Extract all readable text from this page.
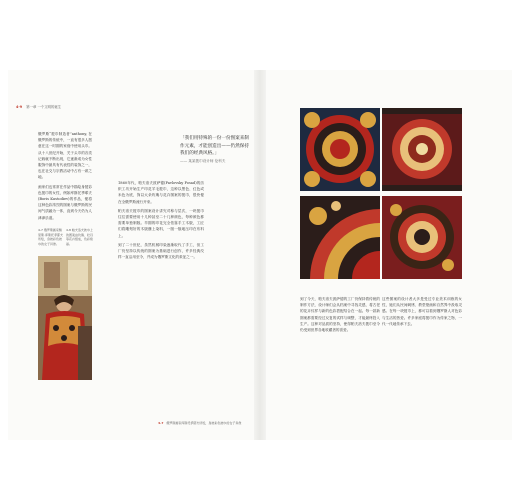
4-9 第一章 一个文明的诞生

俄罗斯“披巾制造者”anthony, 在俄罗斯的传统中，一直有很多人愿意在这一时期的家庭中使用头巾。从十八世纪开始，关于头巾的各类记载就不断出现，它逐渐成为女性服饰中最具有代表性的装饰之一，也在社交与宗教活动中占有一席之地。

画家们也常常在作品中描绘身披彩色披巾的女性，例如库斯托季耶夫(Boris Kustodiev)的作品，便将这种色彩浓烈的图案与俄罗斯的民间气质融为一体，直到今天仍为人津津乐道。

4-7 俄罗斯画家鲍里斯·库斯托季耶夫所绘，身披彩色披巾的女子肖像。
4-8 帕夫洛夫披巾上的图案由玫瑰、牡丹等花卉组成，色彩艳丽。
「我们用特殊的一份一份图案来制作元素，才能创造出——仍然保持我们的经典风格。」
—— 某某披巾设计师 伦科夫

1860年代，帕夫洛夫波萨德(Pavlovsky Posad)的纺织工坊开始生产印花羊毛披巾，这种以黑色、红色或米色为底，饰以大朵玫瑰与花卉图案的披巾，很快便在全俄罗斯流行开来。

帕夫洛夫披巾的图案设计讲究对称与层次，一块披巾往往需要使用十几种甚至二十几种颜色，每种颜色都需要单独制版。早期的印花完全依靠手工木版，工匠们将雕刻好的木版蘸上染料，一版一版地压印在布料上。

到了二十世纪，虽然机械印染逐渐取代了手工，但工厂仍坚持以传统的图案为基础进行创作，许多经典纹样一直沿用至今，并成为俄罗斯文化的象征之一。

到了今天，帕夫洛夫波萨德的工厂仍保持着传统的制作方法，设计师们会从档案中寻找灵感，将古老的花卉纹样与新的色彩搭配结合在一起。每一款新图案都需要经过反复的试样与调整，才能最终投入生产。这种对品质的坚持，使得帕夫洛夫披巾至今仍受到世界各地收藏者的喜爱。

这些图案的设计者大多是受过专业美术训练的女性，她们从民间刺绣、教堂壁画和自然界中汲取灵感。在每一块披巾上，都可以看到俄罗斯人对色彩与生活的热爱。许多家庭将披巾作为传家之物，一代一代地传承下去。

4-7 俄罗斯画家库斯托季耶夫所绘，身披彩色披巾的女子肖像
